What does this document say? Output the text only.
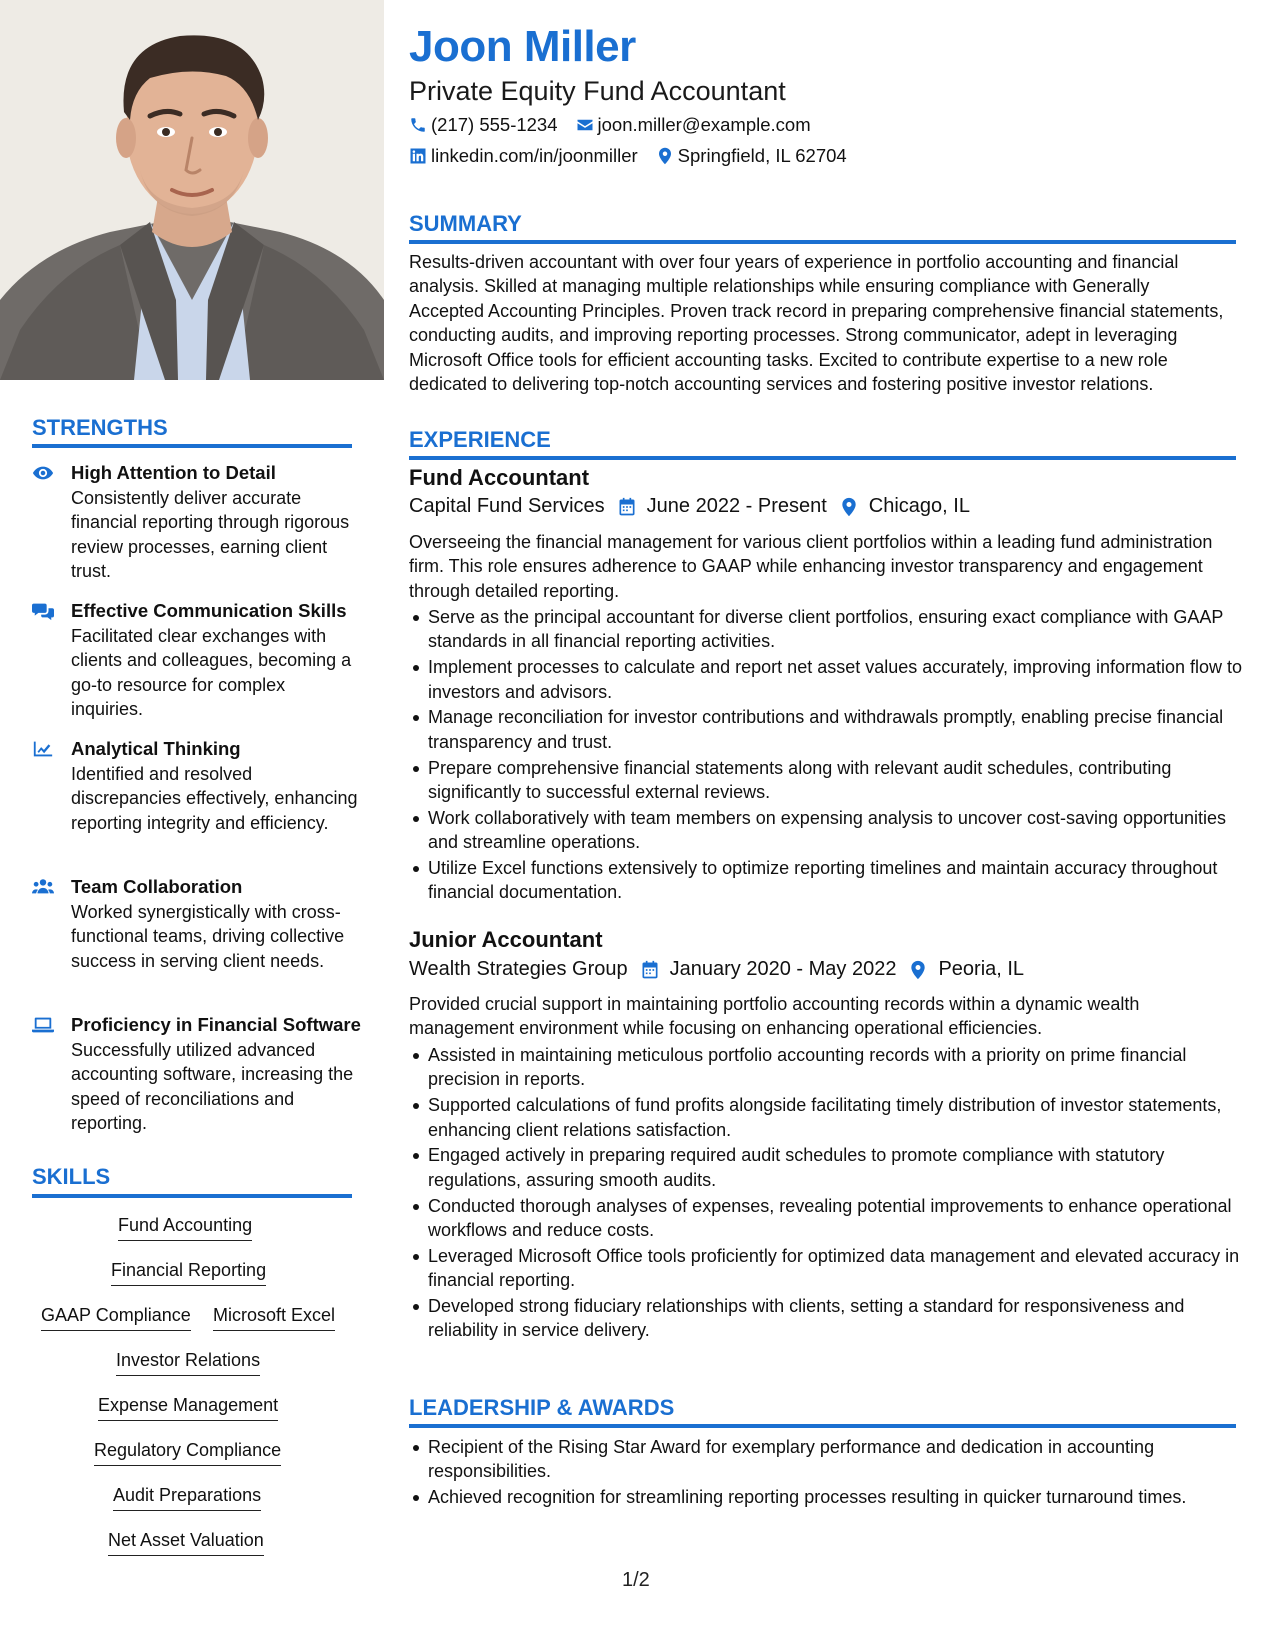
STRENGTHS
High Attention to Detail
Consistently deliver accurate financial reporting through rigorous review processes, earning client trust.
Effective Communication Skills
Facilitated clear exchanges with clients and colleagues, becoming a go-to resource for complex inquiries.
Analytical Thinking
Identified and resolved discrepancies effectively, enhancing reporting integrity and efficiency.
Team Collaboration
Worked synergistically with cross-functional teams, driving collective success in serving client needs.
Proficiency in Financial Software
Successfully utilized advanced accounting software, increasing the speed of reconciliations and reporting.
SKILLS
Fund Accounting
Financial Reporting
GAAP Compliance Microsoft Excel
Investor Relations
Expense Management
Regulatory Compliance
Audit Preparations
Net Asset Valuation
Joon Miller
Private Equity Fund Accountant
(217) 555-1234 joon.miller@example.com
linkedin.com/in/joonmiller Springfield, IL 62704
SUMMARY
Results-driven accountant with over four years of experience in portfolio accounting and financial analysis. Skilled at managing multiple relationships while ensuring compliance with Generally Accepted Accounting Principles. Proven track record in preparing comprehensive financial statements, conducting audits, and improving reporting processes. Strong communicator, adept in leveraging Microsoft Office tools for efficient accounting tasks. Excited to contribute expertise to a new role dedicated to delivering top-notch accounting services and fostering positive investor relations.
EXPERIENCE
Fund Accountant
Capital Fund Services June 2022 - Present Chicago, IL
Overseeing the financial management for various client portfolios within a leading fund administration firm. This role ensures adherence to GAAP while enhancing investor transparency and engagement through detailed reporting.
Serve as the principal accountant for diverse client portfolios, ensuring exact compliance with GAAP standards in all financial reporting activities.
Implement processes to calculate and report net asset values accurately, improving information flow to investors and advisors.
Manage reconciliation for investor contributions and withdrawals promptly, enabling precise financial transparency and trust.
Prepare comprehensive financial statements along with relevant audit schedules, contributing significantly to successful external reviews.
Work collaboratively with team members on expensing analysis to uncover cost-saving opportunities and streamline operations.
Utilize Excel functions extensively to optimize reporting timelines and maintain accuracy throughout financial documentation.
Junior Accountant
Wealth Strategies Group January 2020 - May 2022 Peoria, IL
Provided crucial support in maintaining portfolio accounting records within a dynamic wealth management environment while focusing on enhancing operational efficiencies.
Assisted in maintaining meticulous portfolio accounting records with a priority on prime financial precision in reports.
Supported calculations of fund profits alongside facilitating timely distribution of investor statements, enhancing client relations satisfaction.
Engaged actively in preparing required audit schedules to promote compliance with statutory regulations, assuring smooth audits.
Conducted thorough analyses of expenses, revealing potential improvements to enhance operational workflows and reduce costs.
Leveraged Microsoft Office tools proficiently for optimized data management and elevated accuracy in financial reporting.
Developed strong fiduciary relationships with clients, setting a standard for responsiveness and reliability in service delivery.
LEADERSHIP & AWARDS
Recipient of the Rising Star Award for exemplary performance and dedication in accounting responsibilities.
Achieved recognition for streamlining reporting processes resulting in quicker turnaround times.
1/2
